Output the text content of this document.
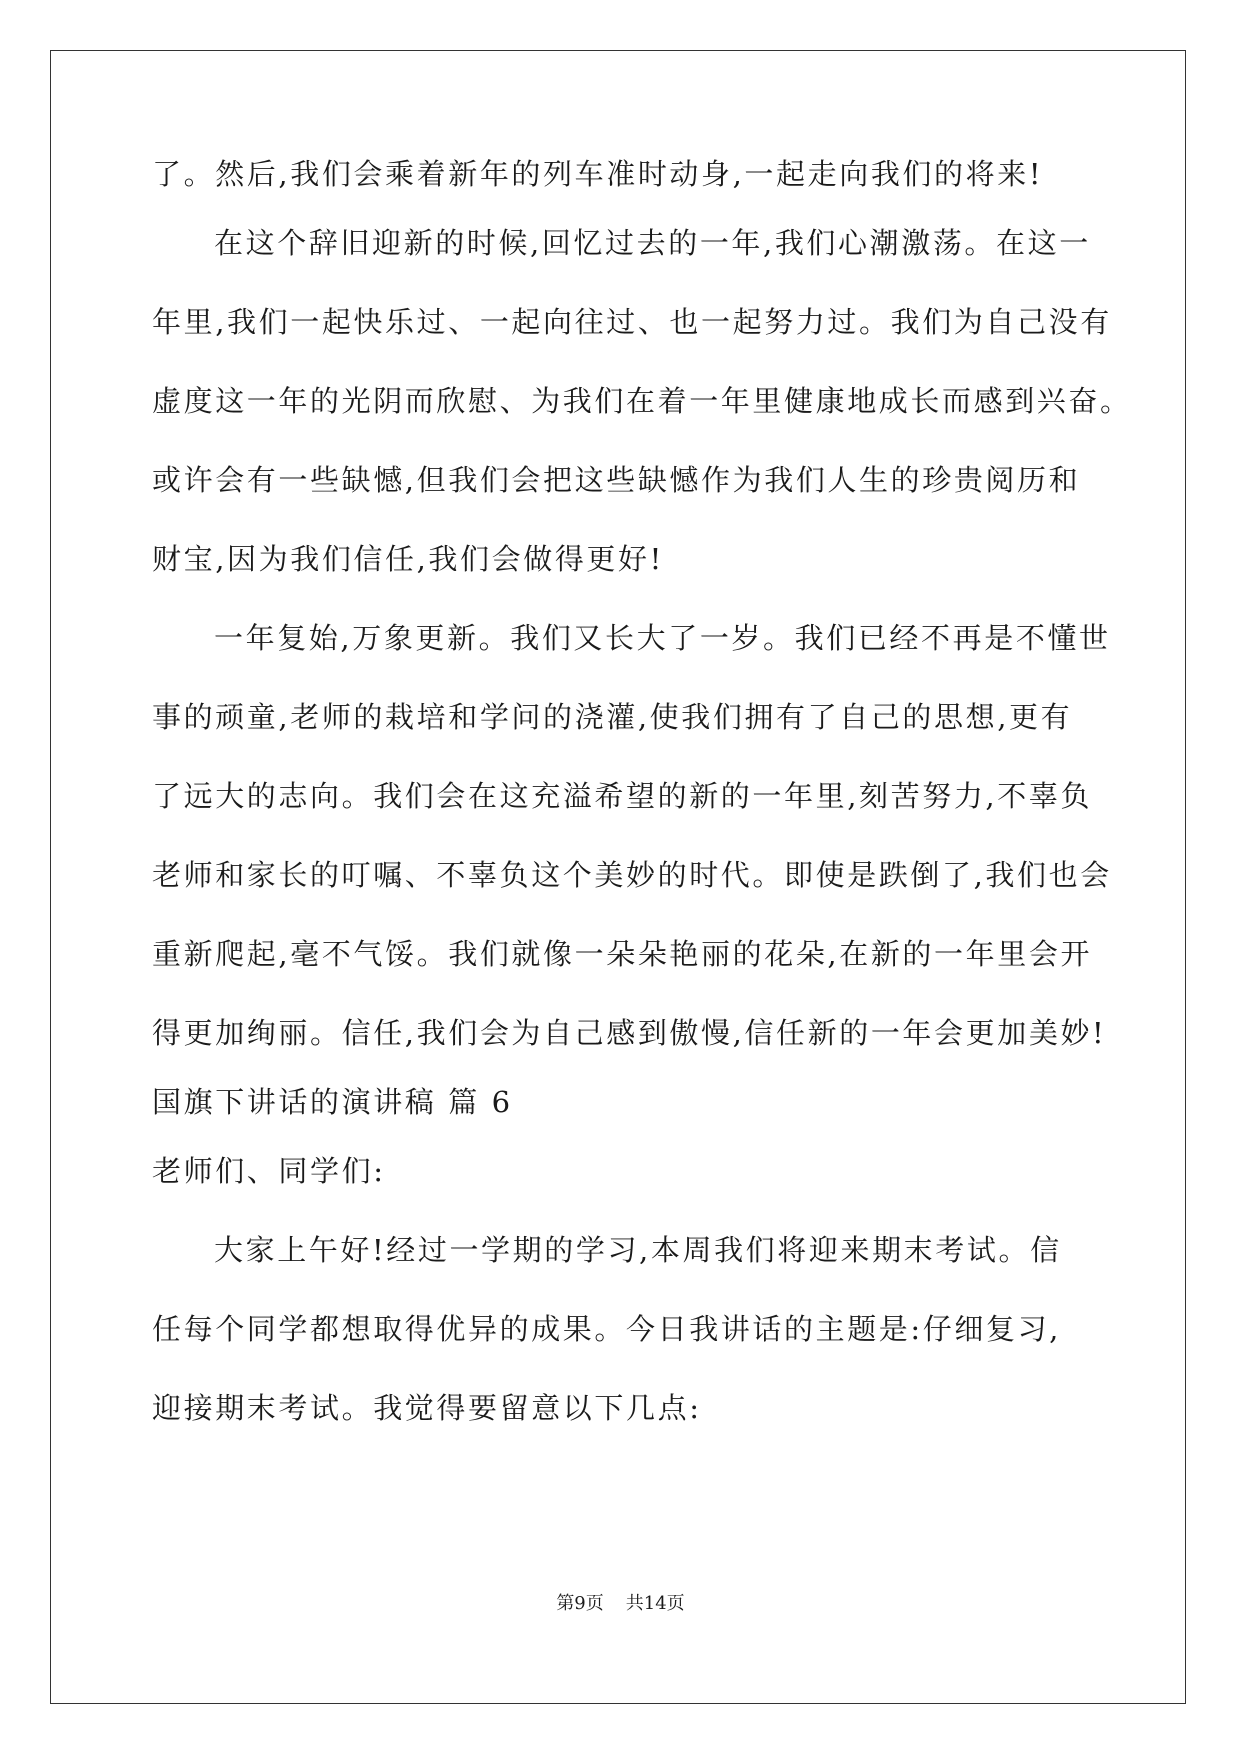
了。然后,我们会乘着新年的列车准时动身,一起走向我们的将来!
在这个辞旧迎新的时候,回忆过去的一年,我们心潮激荡。在这一
年里,我们一起快乐过、一起向往过、也一起努力过。我们为自己没有
虚度这一年的光阴而欣慰、为我们在着一年里健康地成长而感到兴奋。
或许会有一些缺憾,但我们会把这些缺憾作为我们人生的珍贵阅历和
财宝,因为我们信任,我们会做得更好!
一年复始,万象更新。我们又长大了一岁。我们已经不再是不懂世
事的顽童,老师的栽培和学问的浇灌,使我们拥有了自己的思想,更有
了远大的志向。我们会在这充溢希望的新的一年里,刻苦努力,不辜负
老师和家长的叮嘱、不辜负这个美妙的时代。即使是跌倒了,我们也会
重新爬起,毫不气馁。我们就像一朵朵艳丽的花朵,在新的一年里会开
得更加绚丽。信任,我们会为自己感到傲慢,信任新的一年会更加美妙!
国旗下讲话的演讲稿 篇 6
老师们、同学们:
大家上午好!经过一学期的学习,本周我们将迎来期末考试。信
任每个同学都想取得优异的成果。今日我讲话的主题是:仔细复习,
迎接期末考试。我觉得要留意以下几点:
第9页 共14页
